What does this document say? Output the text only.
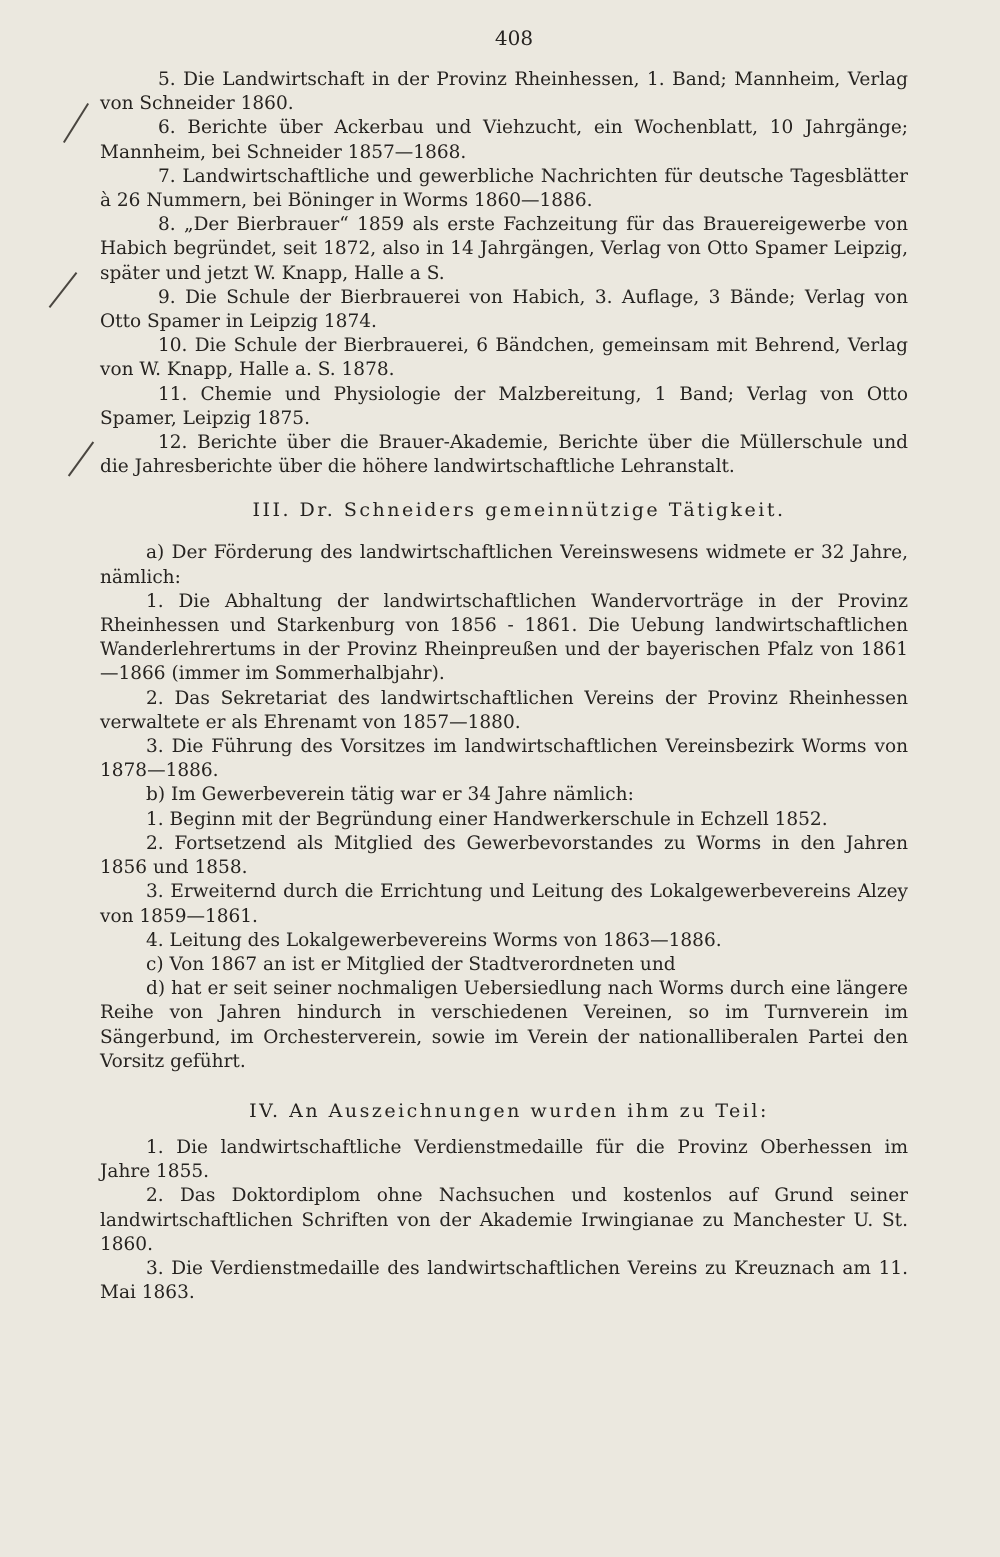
408

5. Die Landwirtschaft in der Provinz Rheinhessen, 1. Band; Mannheim, Verlag von Schneider 1860.

6. Berichte über Ackerbau und Viehzucht, ein Wochenblatt, 10 Jahrgänge; Mannheim, bei Schneider 1857—1868.

7. Landwirtschaftliche und gewerbliche Nachrichten für deutsche Tagesblätter à 26 Nummern, bei Böninger in Worms 1860—1886.

8. „Der Bierbrauer“ 1859 als erste Fachzeitung für das Brauereigewerbe von Habich begründet, seit 1872, also in 14 Jahrgängen, Verlag von Otto Spamer Leipzig, später und jetzt W. Knapp, Halle a S.

9. Die Schule der Bierbrauerei von Habich, 3. Auflage, 3 Bände; Verlag von Otto Spamer in Leipzig 1874.

10. Die Schule der Bierbrauerei, 6 Bändchen, gemeinsam mit Behrend, Verlag von W. Knapp, Halle a. S. 1878.

11. Chemie und Physiologie der Malzbereitung, 1 Band; Verlag von Otto Spamer, Leipzig 1875.

12. Berichte über die Brauer-Akademie, Berichte über die Müllerschule und die Jahresberichte über die höhere landwirtschaftliche Lehranstalt.

III. Dr. Schneiders gemeinnützige Tätigkeit.

a) Der Förderung des landwirtschaftlichen Vereinswesens widmete er 32 Jahre, nämlich:

1. Die Abhaltung der landwirtschaftlichen Wandervorträge in der Provinz Rheinhessen und Starkenburg von 1856 - 1861. Die Uebung landwirtschaftlichen Wanderlehrertums in der Provinz Rheinpreußen und der bayerischen Pfalz von 1861—1866 (immer im Sommerhalbjahr).

2. Das Sekretariat des landwirtschaftlichen Vereins der Provinz Rheinhessen verwaltete er als Ehrenamt von 1857—1880.

3. Die Führung des Vorsitzes im landwirtschaftlichen Vereinsbezirk Worms von 1878—1886.

b) Im Gewerbeverein tätig war er 34 Jahre nämlich:

1. Beginn mit der Begründung einer Handwerkerschule in Echzell 1852.

2. Fortsetzend als Mitglied des Gewerbevorstandes zu Worms in den Jahren 1856 und 1858.

3. Erweiternd durch die Errichtung und Leitung des Lokalgewerbevereins Alzey von 1859—1861.

4. Leitung des Lokalgewerbevereins Worms von 1863—1886.

c) Von 1867 an ist er Mitglied der Stadtverordneten und

d) hat er seit seiner nochmaligen Uebersiedlung nach Worms durch eine längere Reihe von Jahren hindurch in verschiedenen Vereinen, so im Turnverein im Sängerbund, im Orchesterverein, sowie im Verein der nationalliberalen Partei den Vorsitz geführt.

IV. An Auszeichnungen wurden ihm zu Teil:

1. Die landwirtschaftliche Verdienstmedaille für die Provinz Oberhessen im Jahre 1855.

2. Das Doktordiplom ohne Nachsuchen und kostenlos auf Grund seiner landwirtschaftlichen Schriften von der Akademie Irwingianae zu Manchester U. St. 1860.

3. Die Verdienstmedaille des landwirtschaftlichen Vereins zu Kreuznach am 11. Mai 1863.
